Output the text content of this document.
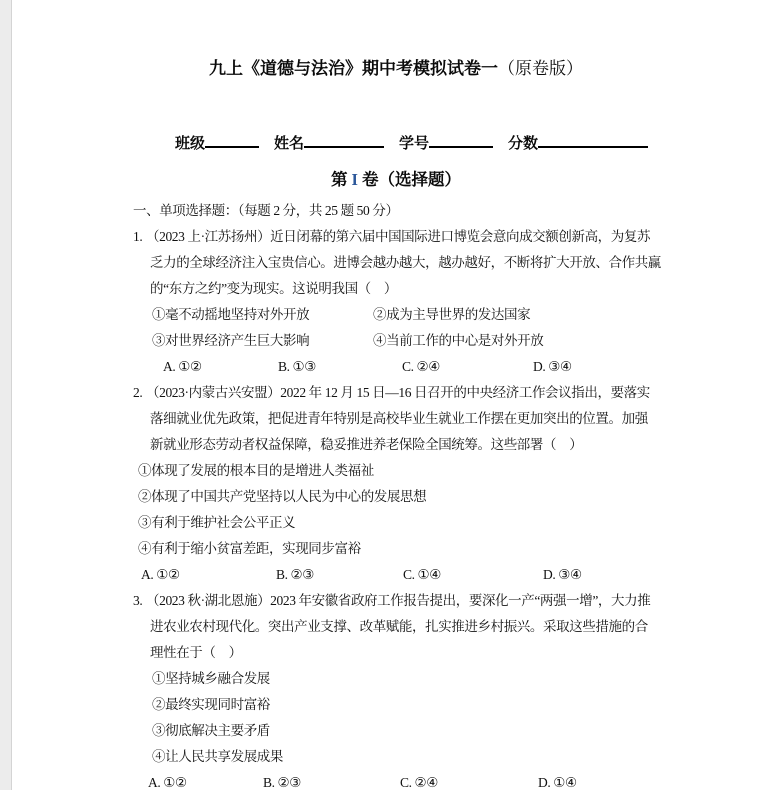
九上《道德与法治》期中考模拟试卷一（原卷版）
班级	姓名	学号	分数
第 I 卷（选择题）
一、单项选择题：（每题 2 分，共 25 题 50 分）
1. （2023 上·江苏扬州）近日闭幕的第六届中国国际进口博览会意向成交额创新高，为复苏
乏力的全球经济注入宝贵信心。进博会越办越大，越办越好，不断将扩大开放、合作共赢
的“东方之约”变为现实。这说明我国（　）
①毫不动摇地坚持对外开放	②成为主导世界的发达国家
③对世界经济产生巨大影响	④当前工作的中心是对外开放
A. ①②	B. ①③	C. ②④	D. ③④
2. （2023·内蒙古兴安盟）2022 年 12 月 15 日—16 日召开的中央经济工作会议指出，要落实
落细就业优先政策，把促进青年特别是高校毕业生就业工作摆在更加突出的位置。加强
新就业形态劳动者权益保障，稳妥推进养老保险全国统筹。这些部署（　）
①体现了发展的根本目的是增进人类福祉
②体现了中国共产党坚持以人民为中心的发展思想
③有利于维护社会公平正义
④有利于缩小贫富差距，实现同步富裕
A. ①②	B. ②③	C. ①④	D. ③④
3. （2023 秋·湖北恩施）2023 年安徽省政府工作报告提出，要深化一产“两强一增”，大力推
进农业农村现代化。突出产业支撑、改革赋能，扎实推进乡村振兴。采取这些措施的合
理性在于（　）
①坚持城乡融合发展
②最终实现同时富裕
③彻底解决主要矛盾
④让人民共享发展成果
A. ①②	B. ②③	C. ②④	D. ①④
